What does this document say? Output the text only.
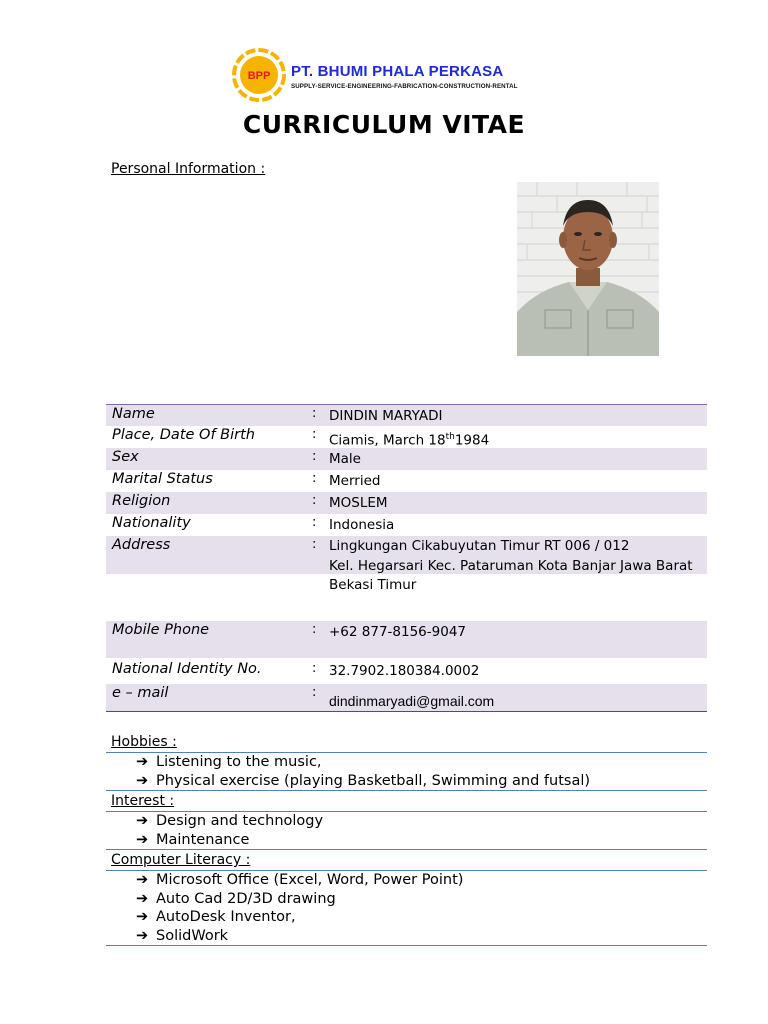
BPP PT. BHUMI PHALA PERKASA
SUPPLY-SERVICE-ENGINEERING-FABRICATION-CONSTRUCTION-RENTAL
CURRICULUM VITAE
Personal Information :
Name	: DINDIN MARYADI
Place, Date Of Birth	: Ciamis, March 18th1984
Sex	: Male
Marital Status	: Merried
Religion	: MOSLEM
Nationality	: Indonesia
Address	: Lingkungan Cikabuyutan Timur RT 006 / 012
Kel. Hegarsari Kec. Pataruman Kota Banjar Jawa Barat
Bekasi Timur
Mobile Phone	: +62 877-8156-9047
National Identity No.	: 32.7902.180384.0002
e – mail	:
dindinmaryadi@gmail.com
Hobbies :
➔ Listening to the music,
➔ Physical exercise (playing Basketball, Swimming and futsal)
Interest :
➔ Design and technology
➔ Maintenance
Computer Literacy :
➔ Microsoft Office (Excel, Word, Power Point)
➔ Auto Cad 2D/3D drawing
➔ AutoDesk Inventor,
➔ SolidWork
